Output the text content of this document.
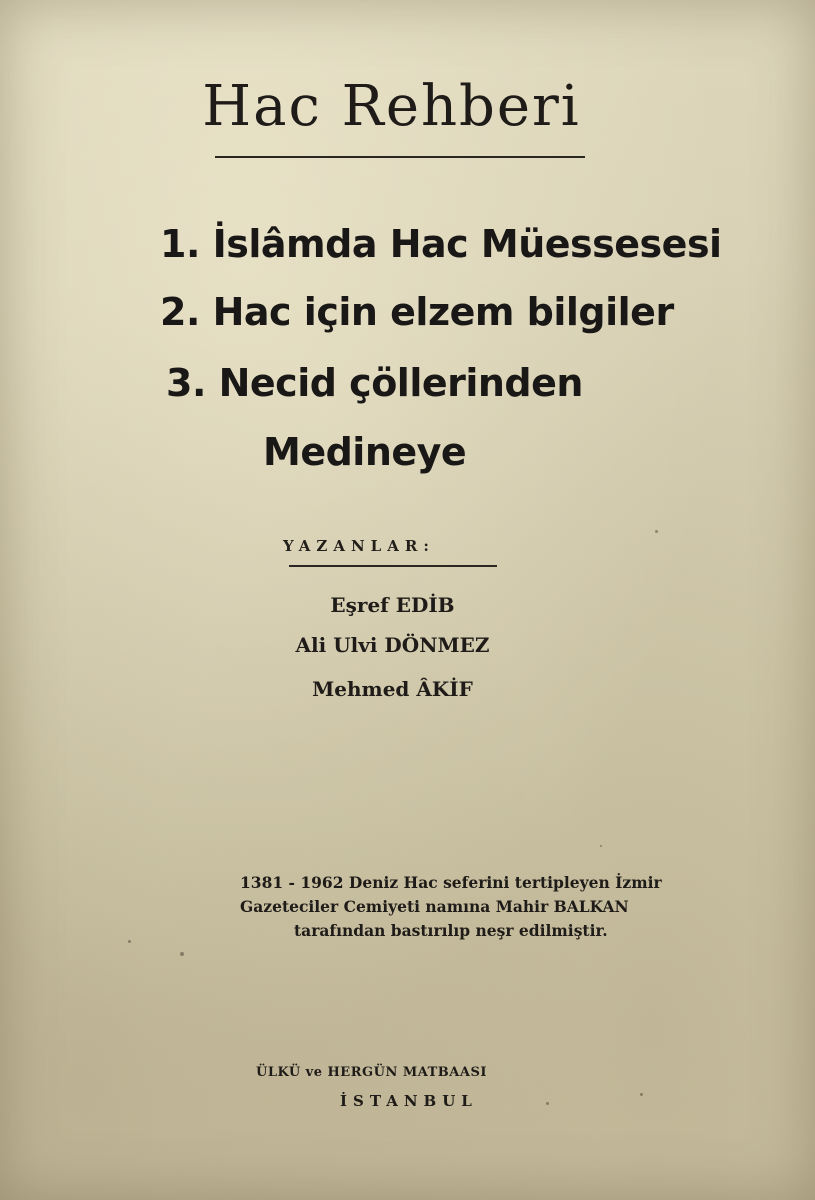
Hac Rehberi
1. İslâmda Hac Müessesesi
2. Hac için elzem bilgiler
3. Necid çöllerinden
Medineye
YAZANLAR:
Eşref EDİB
Ali Ulvi DÖNMEZ
Mehmed ÂKİF
1381 - 1962 Deniz Hac seferini tertipleyen İzmir
Gazeteciler Cemiyeti namına Mahir BALKAN
tarafından bastırılıp neşr edilmiştir.
ÜLKÜ ve HERGÜN MATBAASI
İSTANBUL
